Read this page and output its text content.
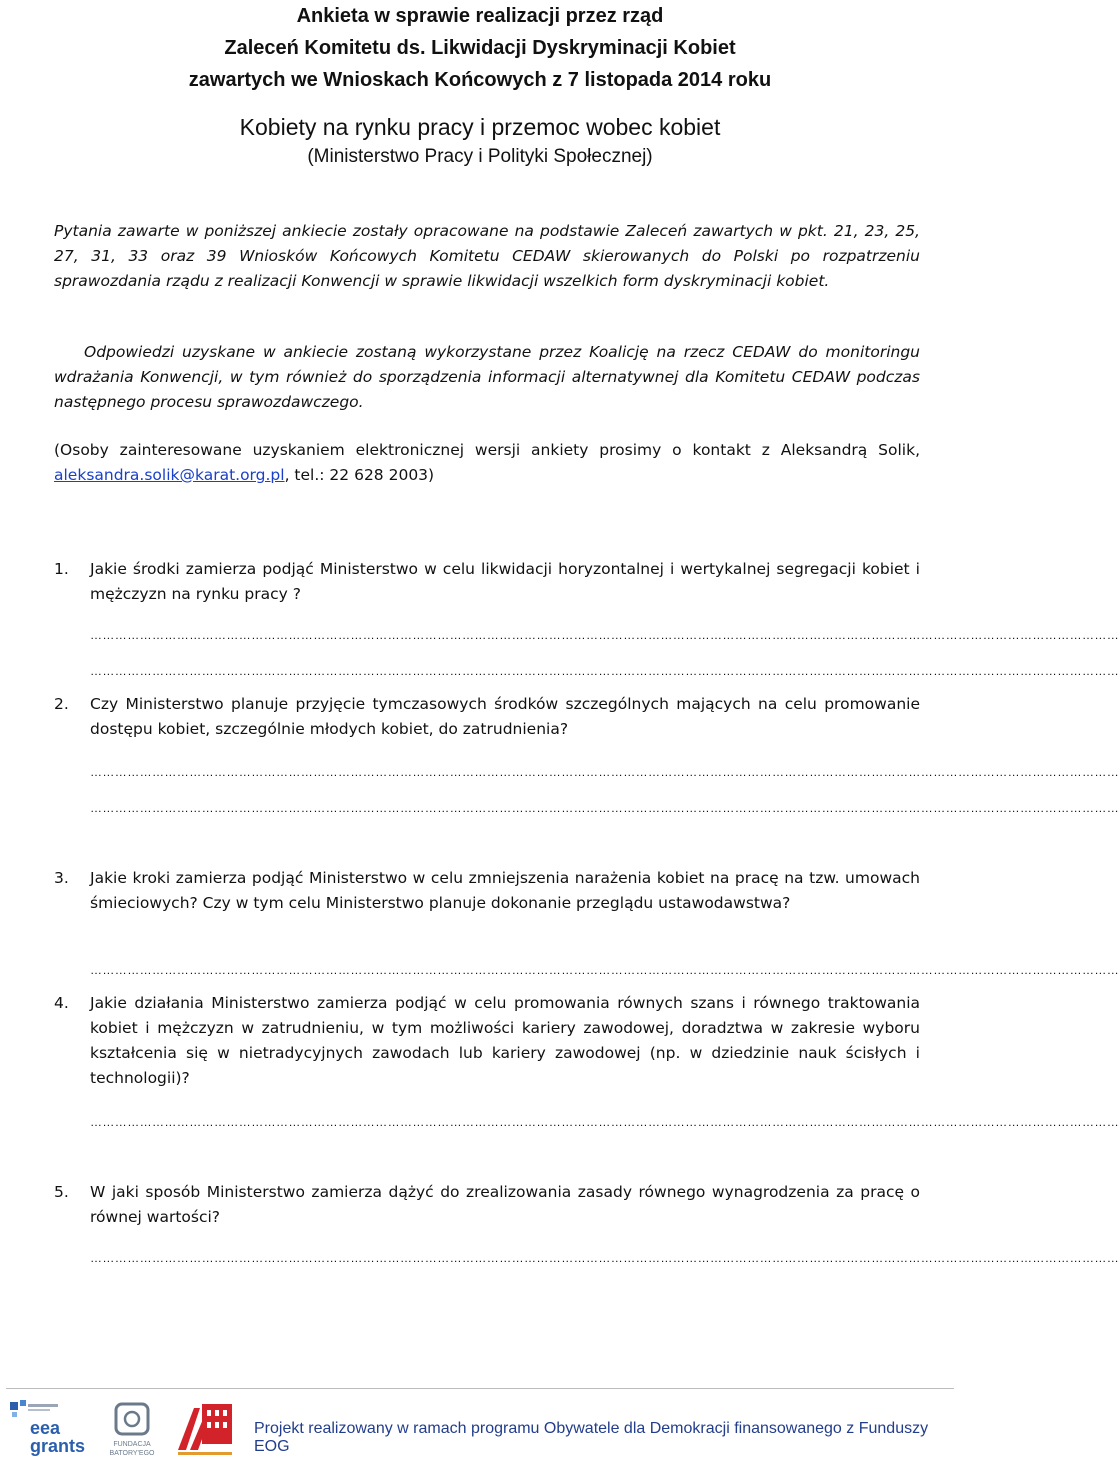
Ankieta w sprawie realizacji przez rząd
Zaleceń Komitetu ds. Likwidacji Dyskryminacji Kobiet
zawartych we Wnioskach Końcowych z 7 listopada 2014 roku
Kobiety na rynku pracy i przemoc wobec kobiet
(Ministerstwo Pracy i Polityki Społecznej)
Pytania zawarte w poniższej ankiecie zostały opracowane na podstawie Zaleceń zawartych w pkt. 21, 23, 25, 27, 31, 33 oraz 39 Wniosków Końcowych Komitetu CEDAW skierowanych do Polski po rozpatrzeniu sprawozdania rządu z realizacji Konwencji w sprawie likwidacji wszelkich form dyskryminacji kobiet.
Odpowiedzi uzyskane w ankiecie zostaną wykorzystane przez Koalicję na rzecz CEDAW do monitoringu wdrażania Konwencji, w tym również do sporządzenia informacji alternatywnej dla Komitetu CEDAW podczas następnego procesu sprawozdawczego.
(Osoby zainteresowane uzyskaniem elektronicznej wersji ankiety prosimy o kontakt z Aleksandrą Solik, aleksandra.solik@karat.org.pl, tel.: 22 628 2003)
1. Jakie środki zamierza podjąć Ministerstwo w celu likwidacji horyzontalnej i wertykalnej segregacji kobiet i mężczyzn na rynku pracy ?
……………………………………………………………………………………………………………………………………………………………………………………………………………………………
……………………………………………………………………………………………………………………………………………………………………………………………………………………………
2. Czy Ministerstwo planuje przyjęcie tymczasowych środków szczególnych mających na celu promowanie dostępu kobiet, szczególnie młodych kobiet, do zatrudnienia?
……………………………………………………………………………………………………………………………………………………………………………………………………………………………
……………………………………………………………………………………………………………………………………………………………………………………………………………………………
3. Jakie kroki zamierza podjąć Ministerstwo w celu zmniejszenia narażenia kobiet na pracę na tzw. umowach śmieciowych? Czy w tym celu Ministerstwo planuje dokonanie przeglądu ustawodawstwa?
……………………………………………………………………………………………………………………………………………………………………………………………………………………………
4. Jakie działania Ministerstwo zamierza podjąć w celu promowania równych szans i równego traktowania kobiet i mężczyzn w zatrudnieniu, w tym możliwości kariery zawodowej, doradztwa w zakresie wyboru kształcenia się w nietradycyjnych zawodach lub kariery zawodowej (np. w dziedzinie nauk ścisłych i technologii)?
……………………………………………………………………………………………………………………………………………………………………………………………………………………………
5. W jaki sposób Ministerstwo zamierza dążyć do zrealizowania zasady równego wynagrodzenia za pracę o równej wartości?
……………………………………………………………………………………………………………………………………………………………………………………………………………………………
eea
grants	FUNDACJA
BATORY'EGO
Projekt realizowany w ramach programu Obywatele dla Demokracji finansowanego z Funduszy EOG
